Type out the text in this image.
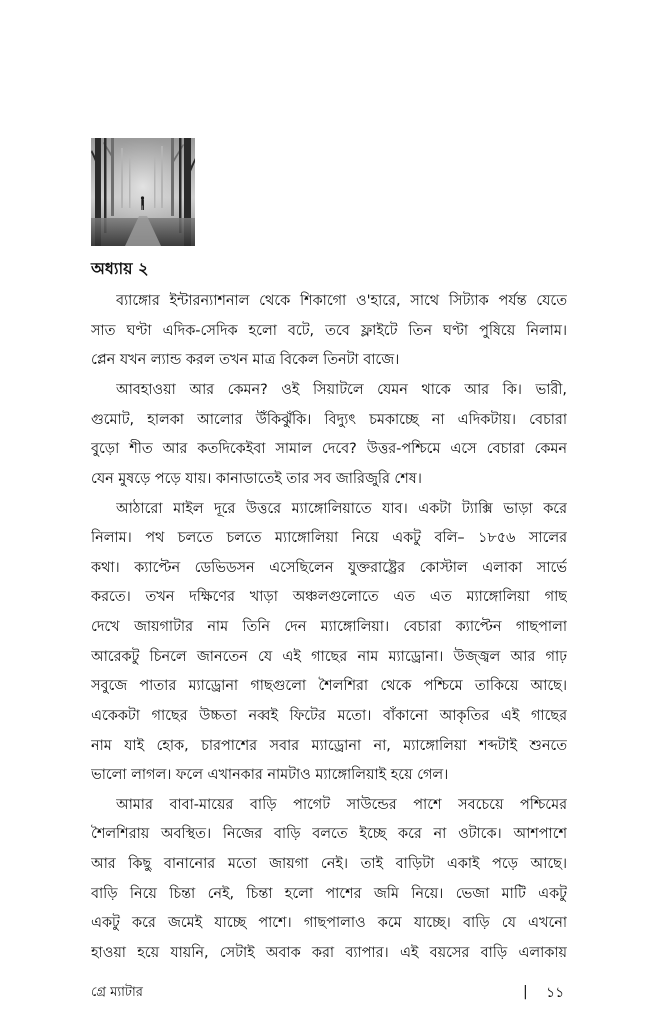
অধ্যায় ২
ব্যাঙ্গোর ইন্টারন্যাশনাল থেকে শিকাগো ও'হারে, সাথে সিট্যাক পর্যন্ত যেতে
সাত ঘণ্টা এদিক-সেদিক হলো বটে, তবে ফ্লাইটে তিন ঘণ্টা পুষিয়ে নিলাম।
প্লেন যখন ল্যান্ড করল তখন মাত্র বিকেল তিনটা বাজে।
আবহাওয়া আর কেমন? ওই সিয়াটলে যেমন থাকে আর কি। ভারী,
গুমোট, হালকা আলোর উঁকিঝুঁকি। বিদ্যুৎ চমকাচ্ছে না এদিকটায়। বেচারা
বুড়ো শীত আর কতদিকেইবা সামাল দেবে? উত্তর-পশ্চিমে এসে বেচারা কেমন
যেন মুষড়ে পড়ে যায়। কানাডাতেই তার সব জারিজুরি শেষ।
আঠারো মাইল দূরে উত্তরে ম্যাঙ্গোলিয়াতে যাব। একটা ট্যাক্সি ভাড়া করে
নিলাম। পথ চলতে চলতে ম্যাঙ্গোলিয়া নিয়ে একটু বলি– ১৮৫৬ সালের
কথা। ক্যাপ্টেন ডেভিডসন এসেছিলেন যুক্তরাষ্ট্রের কোস্টাল এলাকা সার্ভে
করতে। তখন দক্ষিণের খাড়া অঞ্চলগুলোতে এত এত ম্যাঙ্গোলিয়া গাছ
দেখে জায়গাটার নাম তিনি দেন ম্যাঙ্গোলিয়া। বেচারা ক্যাপ্টেন গাছপালা
আরেকটু চিনলে জানতেন যে এই গাছের নাম ম্যাড্রোনা। উজ্জ্বল আর গাঢ়
সবুজে পাতার ম্যাড্রোনা গাছগুলো শৈলশিরা থেকে পশ্চিমে তাকিয়ে আছে।
একেকটা গাছের উচ্চতা নব্বই ফিটের মতো। বাঁকানো আকৃতির এই গাছের
নাম যাই হোক, চারপাশের সবার ম্যাড্রোনা না, ম্যাঙ্গোলিয়া শব্দটাই শুনতে
ভালো লাগল। ফলে এখানকার নামটাও ম্যাঙ্গোলিয়াই হয়ে গেল।
আমার বাবা-মায়ের বাড়ি পাগেট সাউন্ডের পাশে সবচেয়ে পশ্চিমের
শৈলশিরায় অবস্থিত। নিজের বাড়ি বলতে ইচ্ছে করে না ওটাকে। আশপাশে
আর কিছু বানানোর মতো জায়গা নেই। তাই বাড়িটা একাই পড়ে আছে।
বাড়ি নিয়ে চিন্তা নেই, চিন্তা হলো পাশের জমি নিয়ে। ভেজা মাটি একটু
একটু করে জমেই যাচ্ছে পাশে। গাছপালাও কমে যাচ্ছে। বাড়ি যে এখনো
হাওয়া হয়ে যায়নি, সেটাই অবাক করা ব্যাপার। এই বয়সের বাড়ি এলাকায়
গ্রে ম্যাটার	| ১১
